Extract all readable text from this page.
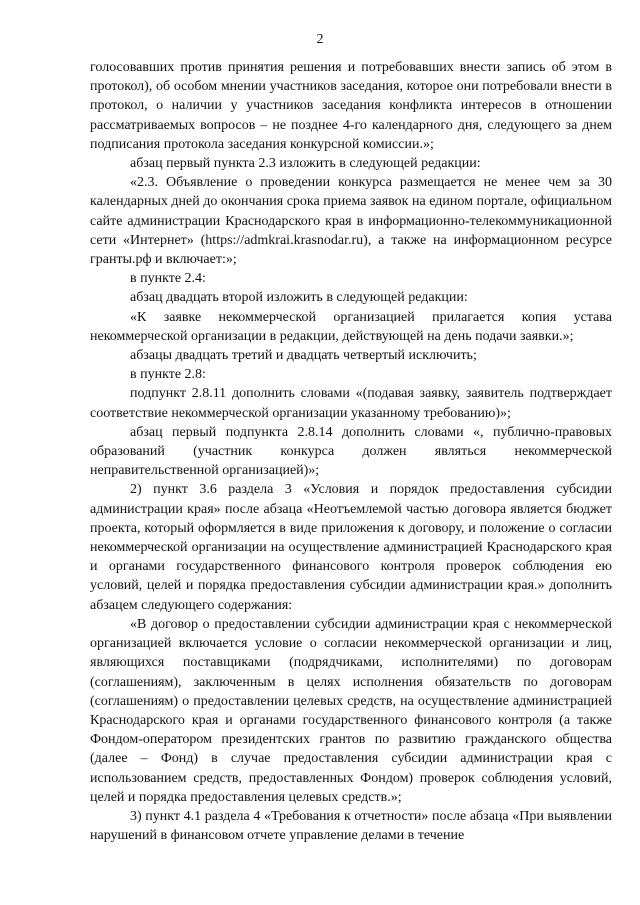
2

голосовавших против принятия решения и потребовавших внести запись об этом в протокол), об особом мнении участников заседания, которое они потребовали внести в протокол, о наличии у участников заседания конфликта интересов в отношении рассматриваемых вопросов – не позднее 4-го календарного дня, следующего за днем подписания протокола заседания конкурсной комиссии.»;

абзац первый пункта 2.3 изложить в следующей редакции:

«2.3. Объявление о проведении конкурса размещается не менее чем за 30 календарных дней до окончания срока приема заявок на едином портале, официальном сайте администрации Краснодарского края в информационно-телекоммуникационной сети «Интернет» (https://admkrai.krasnodar.ru), а также на информационном ресурсе гранты.рф и включает:»;

в пункте 2.4:

абзац двадцать второй изложить в следующей редакции:

«К заявке некоммерческой организацией прилагается копия устава некоммерческой организации в редакции, действующей на день подачи заявки.»;

абзацы двадцать третий и двадцать четвертый исключить;

в пункте 2.8:

подпункт 2.8.11 дополнить словами «(подавая заявку, заявитель подтверждает соответствие некоммерческой организации указанному требованию)»;

абзац первый подпункта 2.8.14 дополнить словами «, публично-правовых образований (участник конкурса должен являться некоммерческой неправительственной организацией)»;

2) пункт 3.6 раздела 3 «Условия и порядок предоставления субсидии администрации края» после абзаца «Неотъемлемой частью договора является бюджет проекта, который оформляется в виде приложения к договору, и положение о согласии некоммерческой организации на осуществление администрацией Краснодарского края и органами государственного финансового контроля проверок соблюдения ею условий, целей и порядка предоставления субсидии администрации края.» дополнить абзацем следующего содержания:

«В договор о предоставлении субсидии администрации края с некоммерческой организацией включается условие о согласии некоммерческой организации и лиц, являющихся поставщиками (подрядчиками, исполнителями) по договорам (соглашениям), заключенным в целях исполнения обязательств по договорам (соглашениям) о предоставлении целевых средств, на осуществление администрацией Краснодарского края и органами государственного финансового контроля (а также Фондом-оператором президентских грантов по развитию гражданского общества (далее – Фонд) в случае предоставления субсидии администрации края с использованием средств, предоставленных Фондом) проверок соблюдения условий, целей и порядка предоставления целевых средств.»;

3) пункт 4.1 раздела 4 «Требования к отчетности» после абзаца «При выявлении нарушений в финансовом отчете управление делами в течение
